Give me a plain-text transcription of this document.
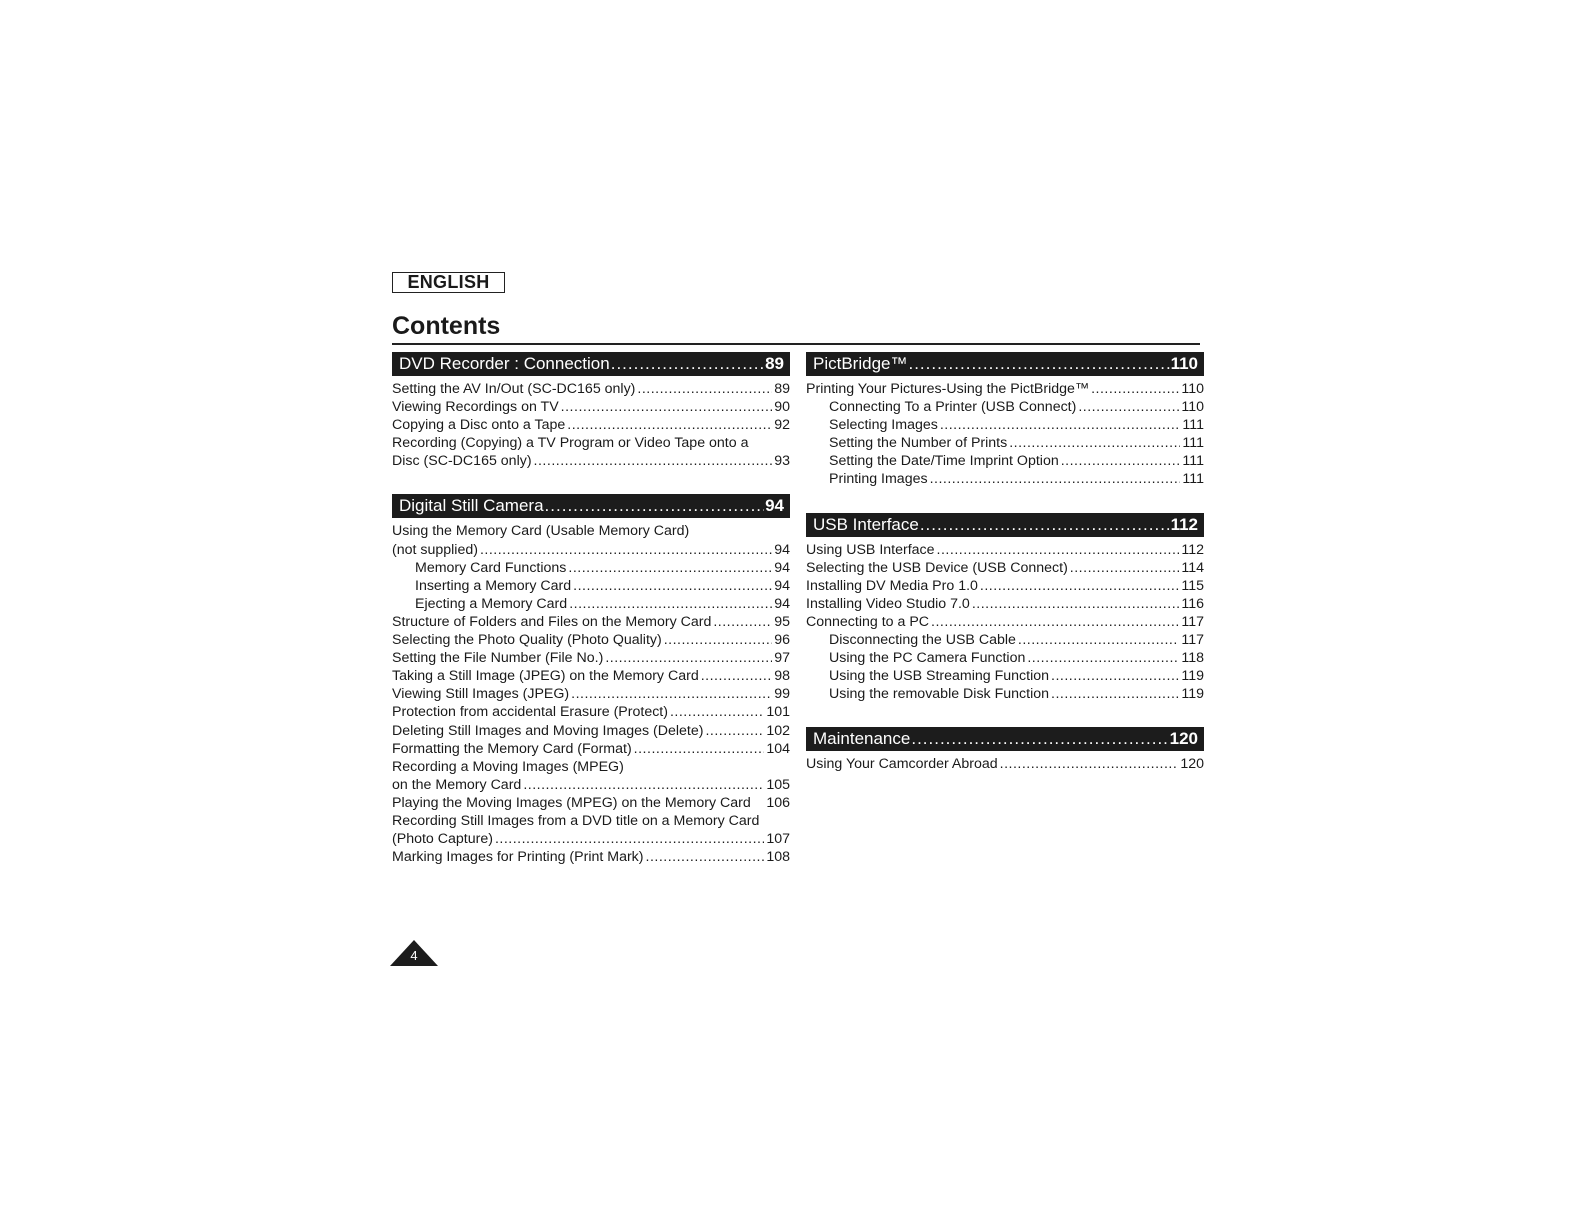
ENGLISH
Contents
DVD Recorder : Connection .....	89
Setting the AV In/Out (SC-DC165 only) .....	89
Viewing Recordings on TV .....	90
Copying a Disc onto a Tape .....	92
Recording (Copying) a TV Program or Video Tape onto a
Disc (SC-DC165 only) .....	93
Digital Still Camera .....	94
Using the Memory Card (Usable Memory Card)
(not supplied) .....	94
Memory Card Functions .....	94
Inserting a Memory Card .....	94
Ejecting a Memory Card .....	94
Structure of Folders and Files on the Memory Card .....	95
Selecting the Photo Quality (Photo Quality) .....	96
Setting the File Number (File No.) .....	97
Taking a Still Image (JPEG) on the Memory Card .....	98
Viewing Still Images (JPEG) .....	99
Protection from accidental Erasure (Protect) .....	101
Deleting Still Images and Moving Images (Delete) .....	102
Formatting the Memory Card (Format) .....	104
Recording a Moving Images (MPEG)
on the Memory Card .....	105
Playing the Moving Images (MPEG) on the Memory Card 106
Recording Still Images from a DVD title on a Memory Card
(Photo Capture) .....	107
Marking Images for Printing (Print Mark) .....	108
PictBridge™ .....	110
Printing Your Pictures-Using the PictBridge™ .....	110
Connecting To a Printer (USB Connect) .....	110
Selecting Images .....	111
Setting the Number of Prints .....	111
Setting the Date/Time Imprint Option .....	111
Printing Images .....	111
USB Interface .....	112
Using USB Interface .....	112
Selecting the USB Device (USB Connect) .....	114
Installing DV Media Pro 1.0 .....	115
Installing Video Studio 7.0 .....	116
Connecting to a PC .....	117
Disconnecting the USB Cable .....	117
Using the PC Camera Function .....	118
Using the USB Streaming Function .....	119
Using the removable Disk Function .....	119
Maintenance .....	120
Using Your Camcorder Abroad .....	120
4
